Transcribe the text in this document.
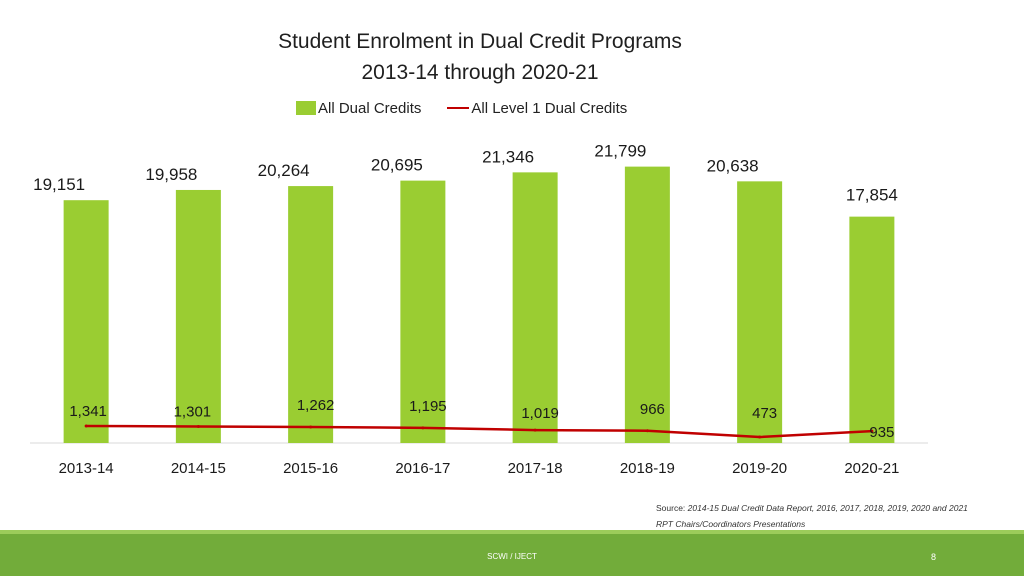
Student Enrolment in Dual Credit Programs
2013-14 through 2020-21
All Dual Credits	All Level 1 Dual Credits
19,151
2013-14
19,958
2014-15
20,264
2015-16
20,695
2016-17
21,346
2017-18
21,799
2018-19
20,638
2019-20
17,854
2020-21
1,341	1,301	1,262	1,195	1,019	966	473
935
Source: 2014-15 Dual Credit Data Report, 2016, 2017, 2018, 2019, 2020 and 2021 RPT Chairs/Coordinators Presentations
SCWI / IJECT	8
